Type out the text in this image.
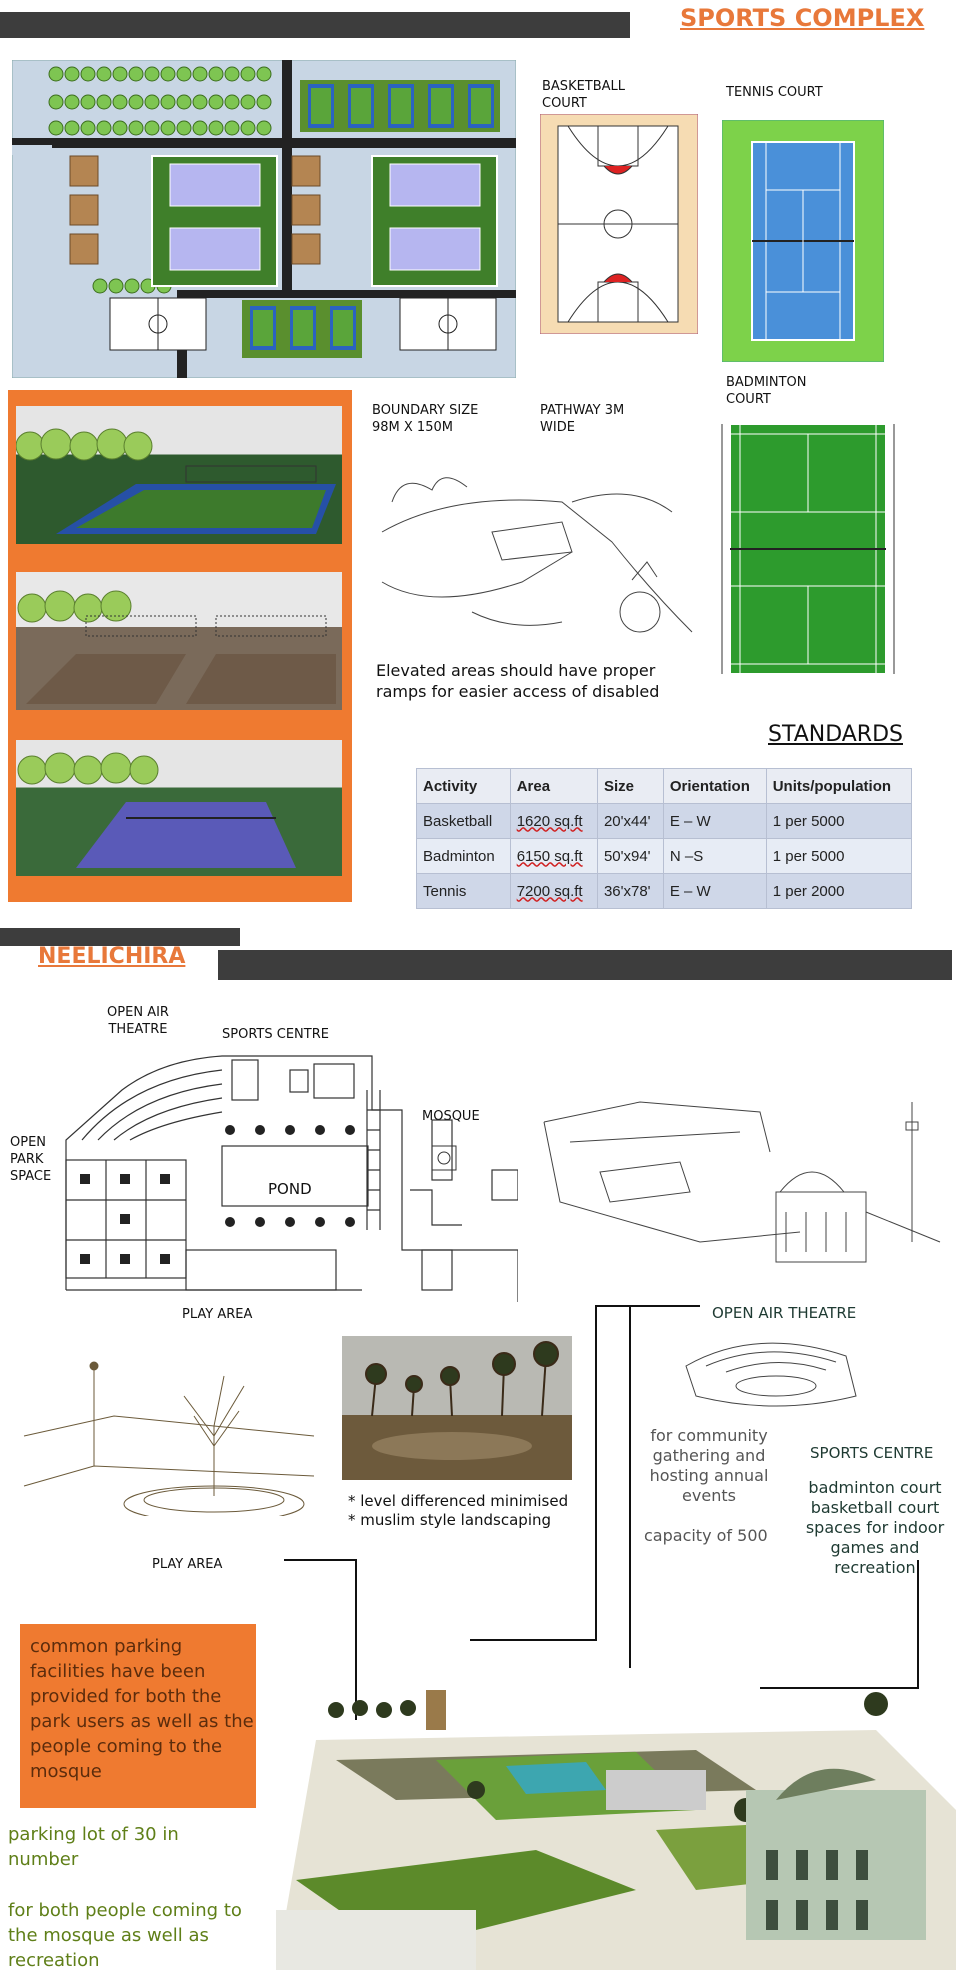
SPORTS COMPLEX
BASKETBALL COURT
TENNIS COURT
BADMINTON COURT
BOUNDARY SIZE 98M X 150M
PATHWAY 3M WIDE
Elevated areas should have proper ramps for easier access of disabled
STANDARDS
Activity	Area	Size	Orientation	Units/population
Basketball	1620 sq.ft	20'x44'	E – W	1 per 5000
Badminton	6150 sq.ft	50'x94'	N –S	1 per 5000
Tennis	7200 sq.ft	36'x78'	E – W	1 per 2000
NEELICHIRA
OPEN AIR THEATRE	SPORTS CENTRE
MOSQUE
OPEN PARK SPACE
POND
PLAY AREA
* level differenced minimised
* muslim style landscaping
PLAY AREA
OPEN AIR THEATRE
for community gathering and hosting annual events
capacity of 500
SPORTS CENTRE
badminton court basketball court spaces for indoor games and recreation
common parking facilities have been provided for both the park users as well as the people coming to the mosque
parking lot of 30 in number
for both people coming to the mosque as well as recreation
